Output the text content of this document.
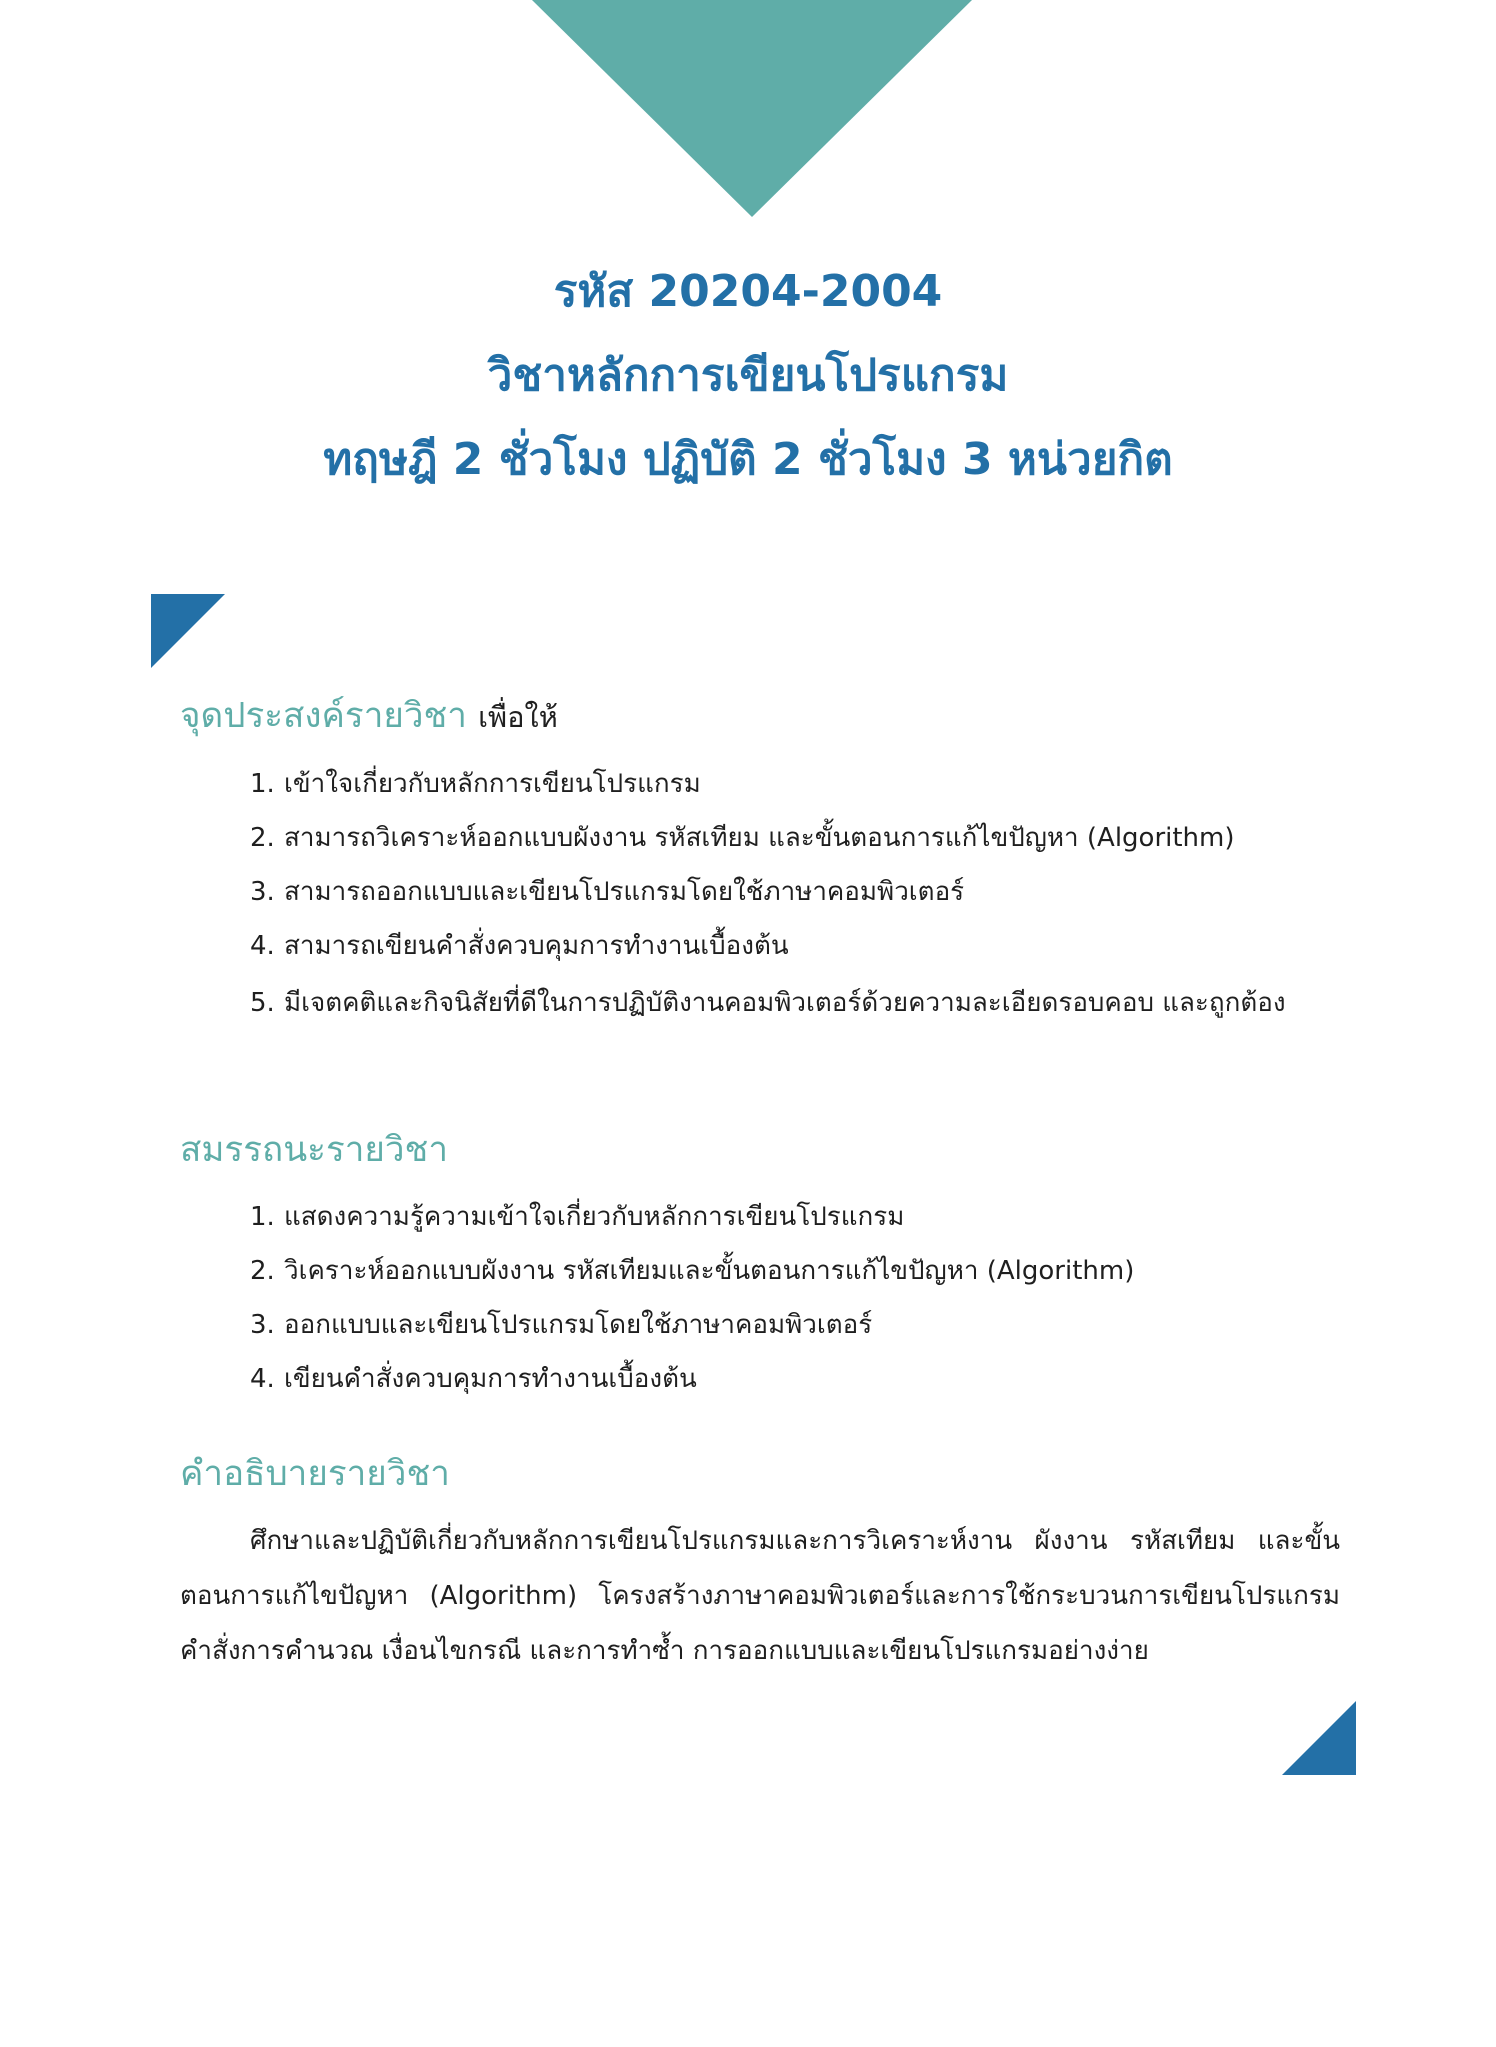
รหัส 20204-2004
วิชาหลักการเขียนโปรแกรม
ทฤษฎี 2 ชั่วโมง ปฏิบัติ 2 ชั่วโมง 3 หน่วยกิต
จุดประสงค์รายวิชา เพื่อให้
1. เข้าใจเกี่ยวกับหลักการเขียนโปรแกรม
2. สามารถวิเคราะห์ออกแบบผังงาน รหัสเทียม และขั้นตอนการแก้ไขปัญหา (Algorithm)
3. สามารถออกแบบและเขียนโปรแกรมโดยใช้ภาษาคอมพิวเตอร์
4. สามารถเขียนคำสั่งควบคุมการทำงานเบื้องต้น
5. มีเจตคติและกิจนิสัยที่ดีในการปฏิบัติงานคอมพิวเตอร์ด้วยความละเอียดรอบคอบ และถูกต้อง
สมรรถนะรายวิชา
1. แสดงความรู้ความเข้าใจเกี่ยวกับหลักการเขียนโปรแกรม
2. วิเคราะห์ออกแบบผังงาน รหัสเทียมและขั้นตอนการแก้ไขปัญหา (Algorithm)
3. ออกแบบและเขียนโปรแกรมโดยใช้ภาษาคอมพิวเตอร์
4. เขียนคำสั่งควบคุมการทำงานเบื้องต้น
คำอธิบายรายวิชา
ศึกษาและปฏิบัติเกี่ยวกับหลักการเขียนโปรแกรมและการวิเคราะห์งาน ผังงาน รหัสเทียม และขั้นตอนการแก้ไขปัญหา (Algorithm) โครงสร้างภาษาคอมพิวเตอร์และการใช้กระบวนการเขียนโปรแกรม คำสั่งการคำนวณ เงื่อนไขกรณี และการทำซ้ำ การออกแบบและเขียนโปรแกรมอย่างง่าย
